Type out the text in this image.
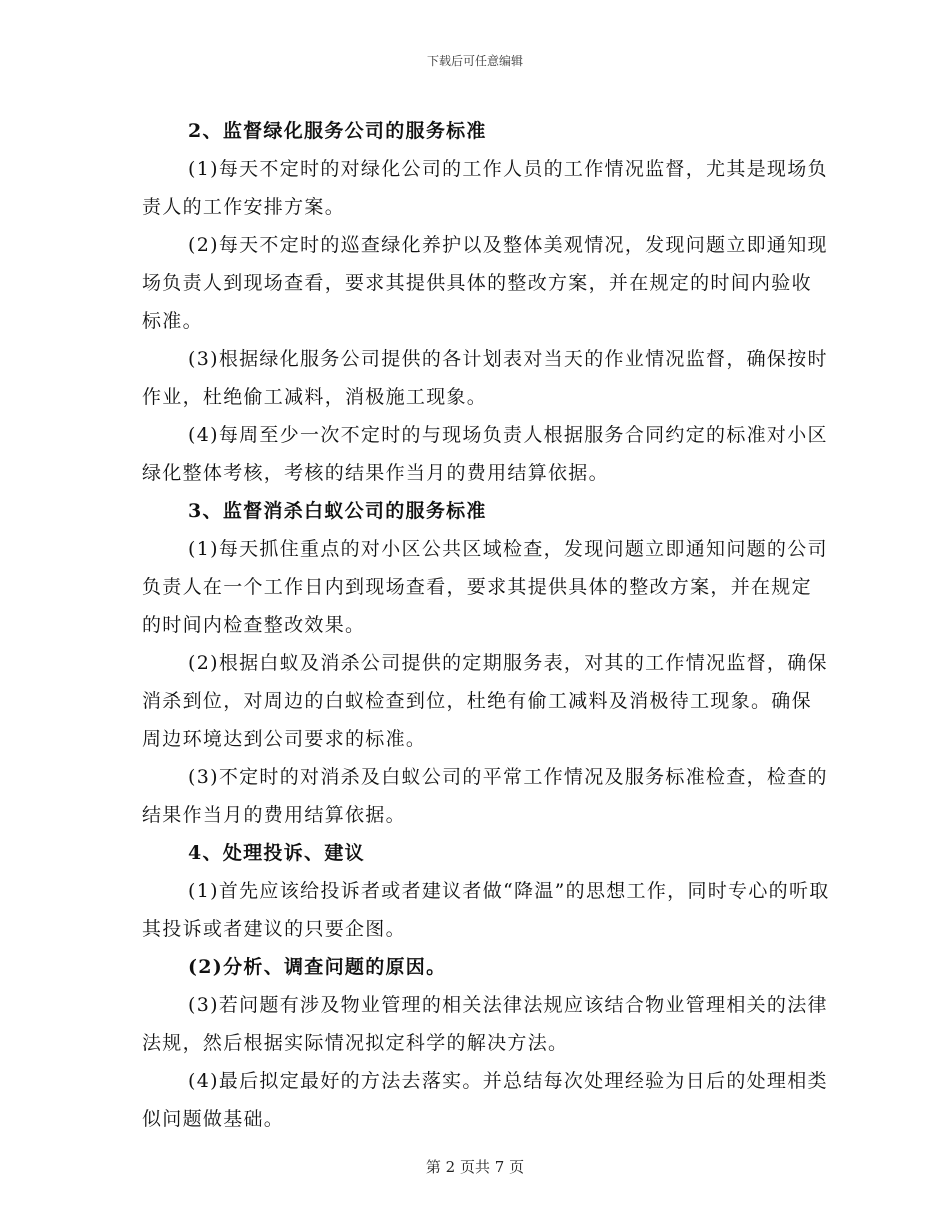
下载后可任意编辑

2、监督绿化服务公司的服务标准

(1)每天不定时的对绿化公司的工作人员的工作情况监督，尤其是现场负责人的工作安排方案。

(2)每天不定时的巡查绿化养护以及整体美观情况，发现问题立即通知现场负责人到现场查看，要求其提供具体的整改方案，并在规定的时间内验收标准。

(3)根据绿化服务公司提供的各计划表对当天的作业情况监督，确保按时作业，杜绝偷工减料，消极施工现象。

(4)每周至少一次不定时的与现场负责人根据服务合同约定的标准对小区绿化整体考核，考核的结果作当月的费用结算依据。

3、监督消杀白蚁公司的服务标准

(1)每天抓住重点的对小区公共区域检查，发现问题立即通知问题的公司负责人在一个工作日内到现场查看，要求其提供具体的整改方案，并在规定的时间内检查整改效果。

(2)根据白蚁及消杀公司提供的定期服务表，对其的工作情况监督，确保消杀到位，对周边的白蚁检查到位，杜绝有偷工减料及消极待工现象。确保周边环境达到公司要求的标准。

(3)不定时的对消杀及白蚁公司的平常工作情况及服务标准检查，检查的结果作当月的费用结算依据。

4、处理投诉、建议

(1)首先应该给投诉者或者建议者做“降温”的思想工作，同时专心的听取其投诉或者建议的只要企图。

(2)分析、调查问题的原因。

(3)若问题有涉及物业管理的相关法律法规应该结合物业管理相关的法律法规，然后根据实际情况拟定科学的解决方法。

(4)最后拟定最好的方法去落实。并总结每次处理经验为日后的处理相类似问题做基础。

第 2 页共 7 页
